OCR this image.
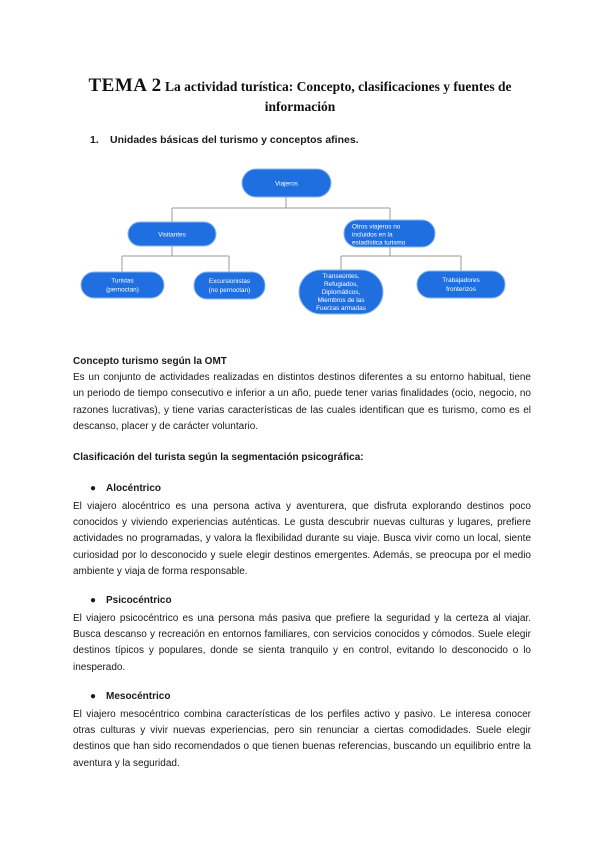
TEMA 2 La actividad turística: Concepto, clasificaciones y fuentes de información
1. Unidades básicas del turismo y conceptos afines.
Viajeros
Visitantes
Otros viajeros no
incluidos en la
estadística turismo
Turistas
(pernoctan)
Excursionistas
(no pernoctan)
Transeúntes,
Refugiados,
Diplomáticos,
Miembros de las
Fuerzas armadas
Trabajadores
fronterizos
Concepto turismo según la OMT

Es un conjunto de actividades realizadas en distintos destinos diferentes a su entorno habitual, tiene un periodo de tiempo consecutivo e inferior a un año, puede tener varias finalidades (ocio, negocio, no razones lucrativas), y tiene varias características de las cuales identifican que es turismo, como es el descanso, placer y de carácter voluntario.

Clasificación del turista según la segmentación psicográfica:
● Alocéntrico

El viajero alocéntrico es una persona activa y aventurera, que disfruta explorando destinos poco conocidos y viviendo experiencias auténticas. Le gusta descubrir nuevas culturas y lugares, prefiere actividades no programadas, y valora la flexibilidad durante su viaje. Busca vivir como un local, siente curiosidad por lo desconocido y suele elegir destinos emergentes. Además, se preocupa por el medio ambiente y viaja de forma responsable.

● Psicocéntrico

El viajero psicocéntrico es una persona más pasiva que prefiere la seguridad y la certeza al viajar. Busca descanso y recreación en entornos familiares, con servicios conocidos y cómodos. Suele elegir destinos típicos y populares, donde se sienta tranquilo y en control, evitando lo desconocido o lo inesperado.

● Mesocéntrico

El viajero mesocéntrico combina características de los perfiles activo y pasivo. Le interesa conocer otras culturas y vivir nuevas experiencias, pero sin renunciar a ciertas comodidades. Suele elegir destinos que han sido recomendados o que tienen buenas referencias, buscando un equilibrio entre la aventura y la seguridad.
